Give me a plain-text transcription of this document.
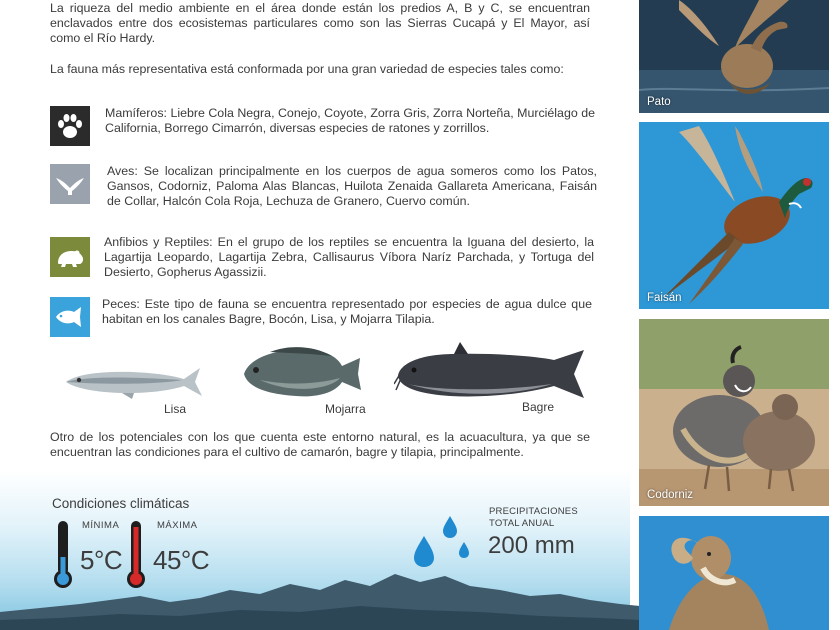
La riqueza del medio ambiente en el área donde están los predios A, B y C, se encuentran enclavados entre dos ecosistemas particulares como son las Sierras Cucapá y El Mayor, así como el Río Hardy.

La fauna más representativa está conformada por una gran variedad de especies tales como:

Mamíferos: Liebre Cola Negra, Conejo, Coyote, Zorra Gris, Zorra Norteña, Murciélago de California, Borrego Cimarrón, diversas especies de ratones y zorrillos.

Aves: Se localizan principalmente en los cuerpos de agua someros como los Patos, Gansos, Codorniz, Paloma Alas Blancas, Huilota Zenaida Gallareta Americana, Faisán de Collar, Halcón Cola Roja, Lechuza de Granero, Cuervo común.

Anfibios y Reptiles: En el grupo de los reptiles se encuentra la Iguana del desierto, la Lagartija Leopardo, Lagartija Zebra, Callisaurus Víbora Naríz Parchada, y Tortuga del Desierto, Gopherus Agassizii.

Peces: Este tipo de fauna se encuentra representado por especies de agua dulce que habitan en los canales Bagre, Bocón, Lisa, y Mojarra Tilapia.

Lisa	Mojarra	Bagre

Otro de los potenciales con los que cuenta este entorno natural, es la acuacultura, ya que se encuentran las condiciones para el cultivo de camarón, bagre y tilapia, principalmente.

Condiciones climáticas
MÍNIMA	MÁXIMA
5°C 45°C
PRECIPITACIONES
TOTAL ANUAL
200 mm
Pato
Faisán
Codorniz
